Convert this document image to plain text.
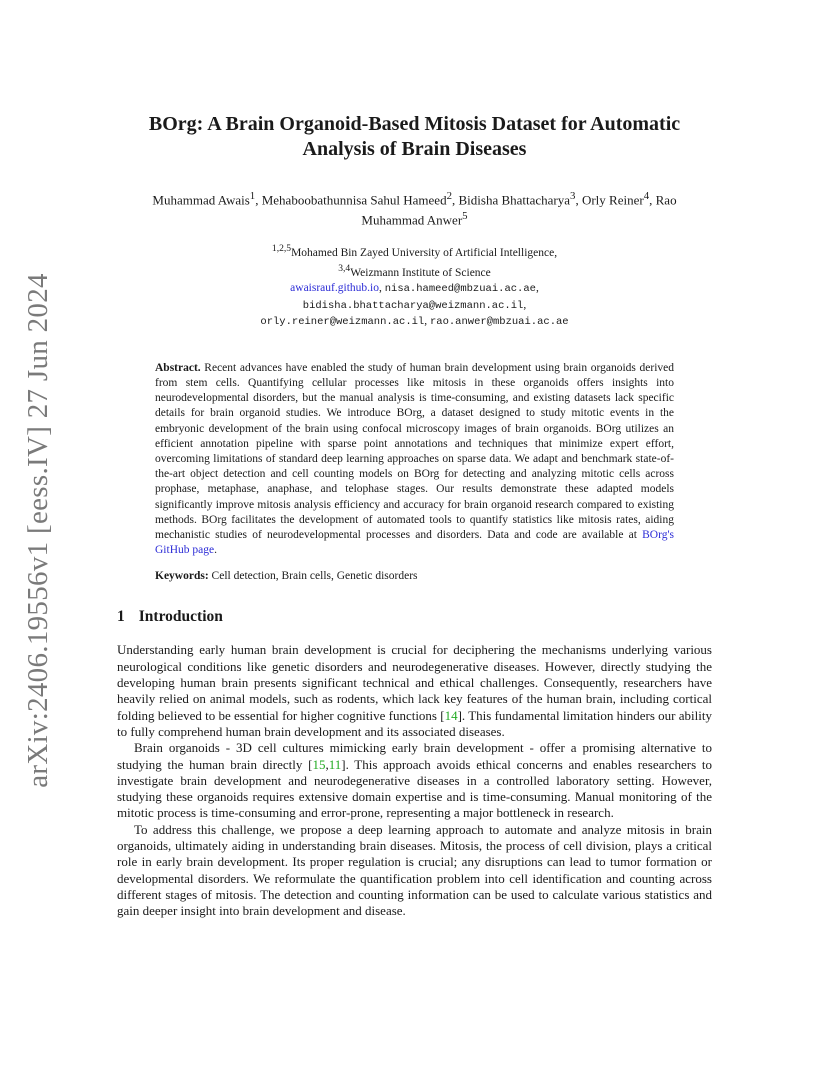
arXiv:2406.19556v1 [eess.IV] 27 Jun 2024
BOrg: A Brain Organoid-Based Mitosis Dataset for Automatic
Analysis of Brain Diseases
Muhammad Awais$^1$, Mehaboobathunnisa Sahul Hameed$^2$, Bidisha Bhattacharya$^3$, Orly Reiner$^4$, Rao
Muhammad Anwer$^5$
$^{1,2,5}$Mohamed Bin Zayed University of Artificial Intelligence,
$^{3,4}$Weizmann Institute of Science
awaisrauf.github.io, nisa.hameed@mbzuai.ac.ae,
bidisha.bhattacharya@weizmann.ac.il,
orly.reiner@weizmann.ac.il, rao.anwer@mbzuai.ac.ae
Abstract. Recent advances have enabled the study of human brain development using brain organoids derived from stem cells. Quantifying cellular processes like mitosis in these organoids offers insights into neurodevelopmental disorders, but the manual analysis is time-consuming, and existing datasets lack specific details for brain organoid studies. We introduce BOrg, a dataset designed to study mitotic events in the embryonic development of the brain using confocal microscopy images of brain organoids. BOrg utilizes an efficient annotation pipeline with sparse point annotations and techniques that minimize expert effort, overcoming limitations of standard deep learning approaches on sparse data. We adapt and benchmark state-of-the-art object detection and cell counting models on BOrg for detecting and analyzing mitotic cells across prophase, metaphase, anaphase, and telophase stages. Our results demonstrate these adapted models significantly improve mitosis analysis efficiency and accuracy for brain organoid research compared to existing methods. BOrg facilitates the development of automated tools to quantify statistics like mitosis rates, aiding mechanistic studies of neurodevelopmental processes and disorders. Data and code are available at BOrg's GitHub page.
Keywords: Cell detection, Brain cells, Genetic disorders
1 Introduction

Understanding early human brain development is crucial for deciphering the mechanisms underlying various neurological conditions like genetic disorders and neurodegenerative diseases. However, directly studying the developing human brain presents significant technical and ethical challenges. Consequently, researchers have heavily relied on animal models, such as rodents, which lack key features of the human brain, including cortical folding believed to be essential for higher cognitive functions [14]. This fundamental limitation hinders our ability to fully comprehend human brain development and its associated diseases.

Brain organoids - 3D cell cultures mimicking early brain development - offer a promising alternative to studying the human brain directly [15,11]. This approach avoids ethical concerns and enables researchers to investigate brain development and neurodegenerative diseases in a controlled laboratory setting. However, studying these organoids requires extensive domain expertise and is time-consuming. Manual monitoring of the mitotic process is time-consuming and error-prone, representing a major bottleneck in research.

To address this challenge, we propose a deep learning approach to automate and analyze mitosis in brain organoids, ultimately aiding in understanding brain diseases. Mitosis, the process of cell division, plays a critical role in early brain development. Its proper regulation is crucial; any disruptions can lead to tumor formation or developmental disorders. We reformulate the quantification problem into cell identification and counting across different stages of mitosis. The detection and counting information can be used to calculate various statistics and gain deeper insight into brain development and disease.
